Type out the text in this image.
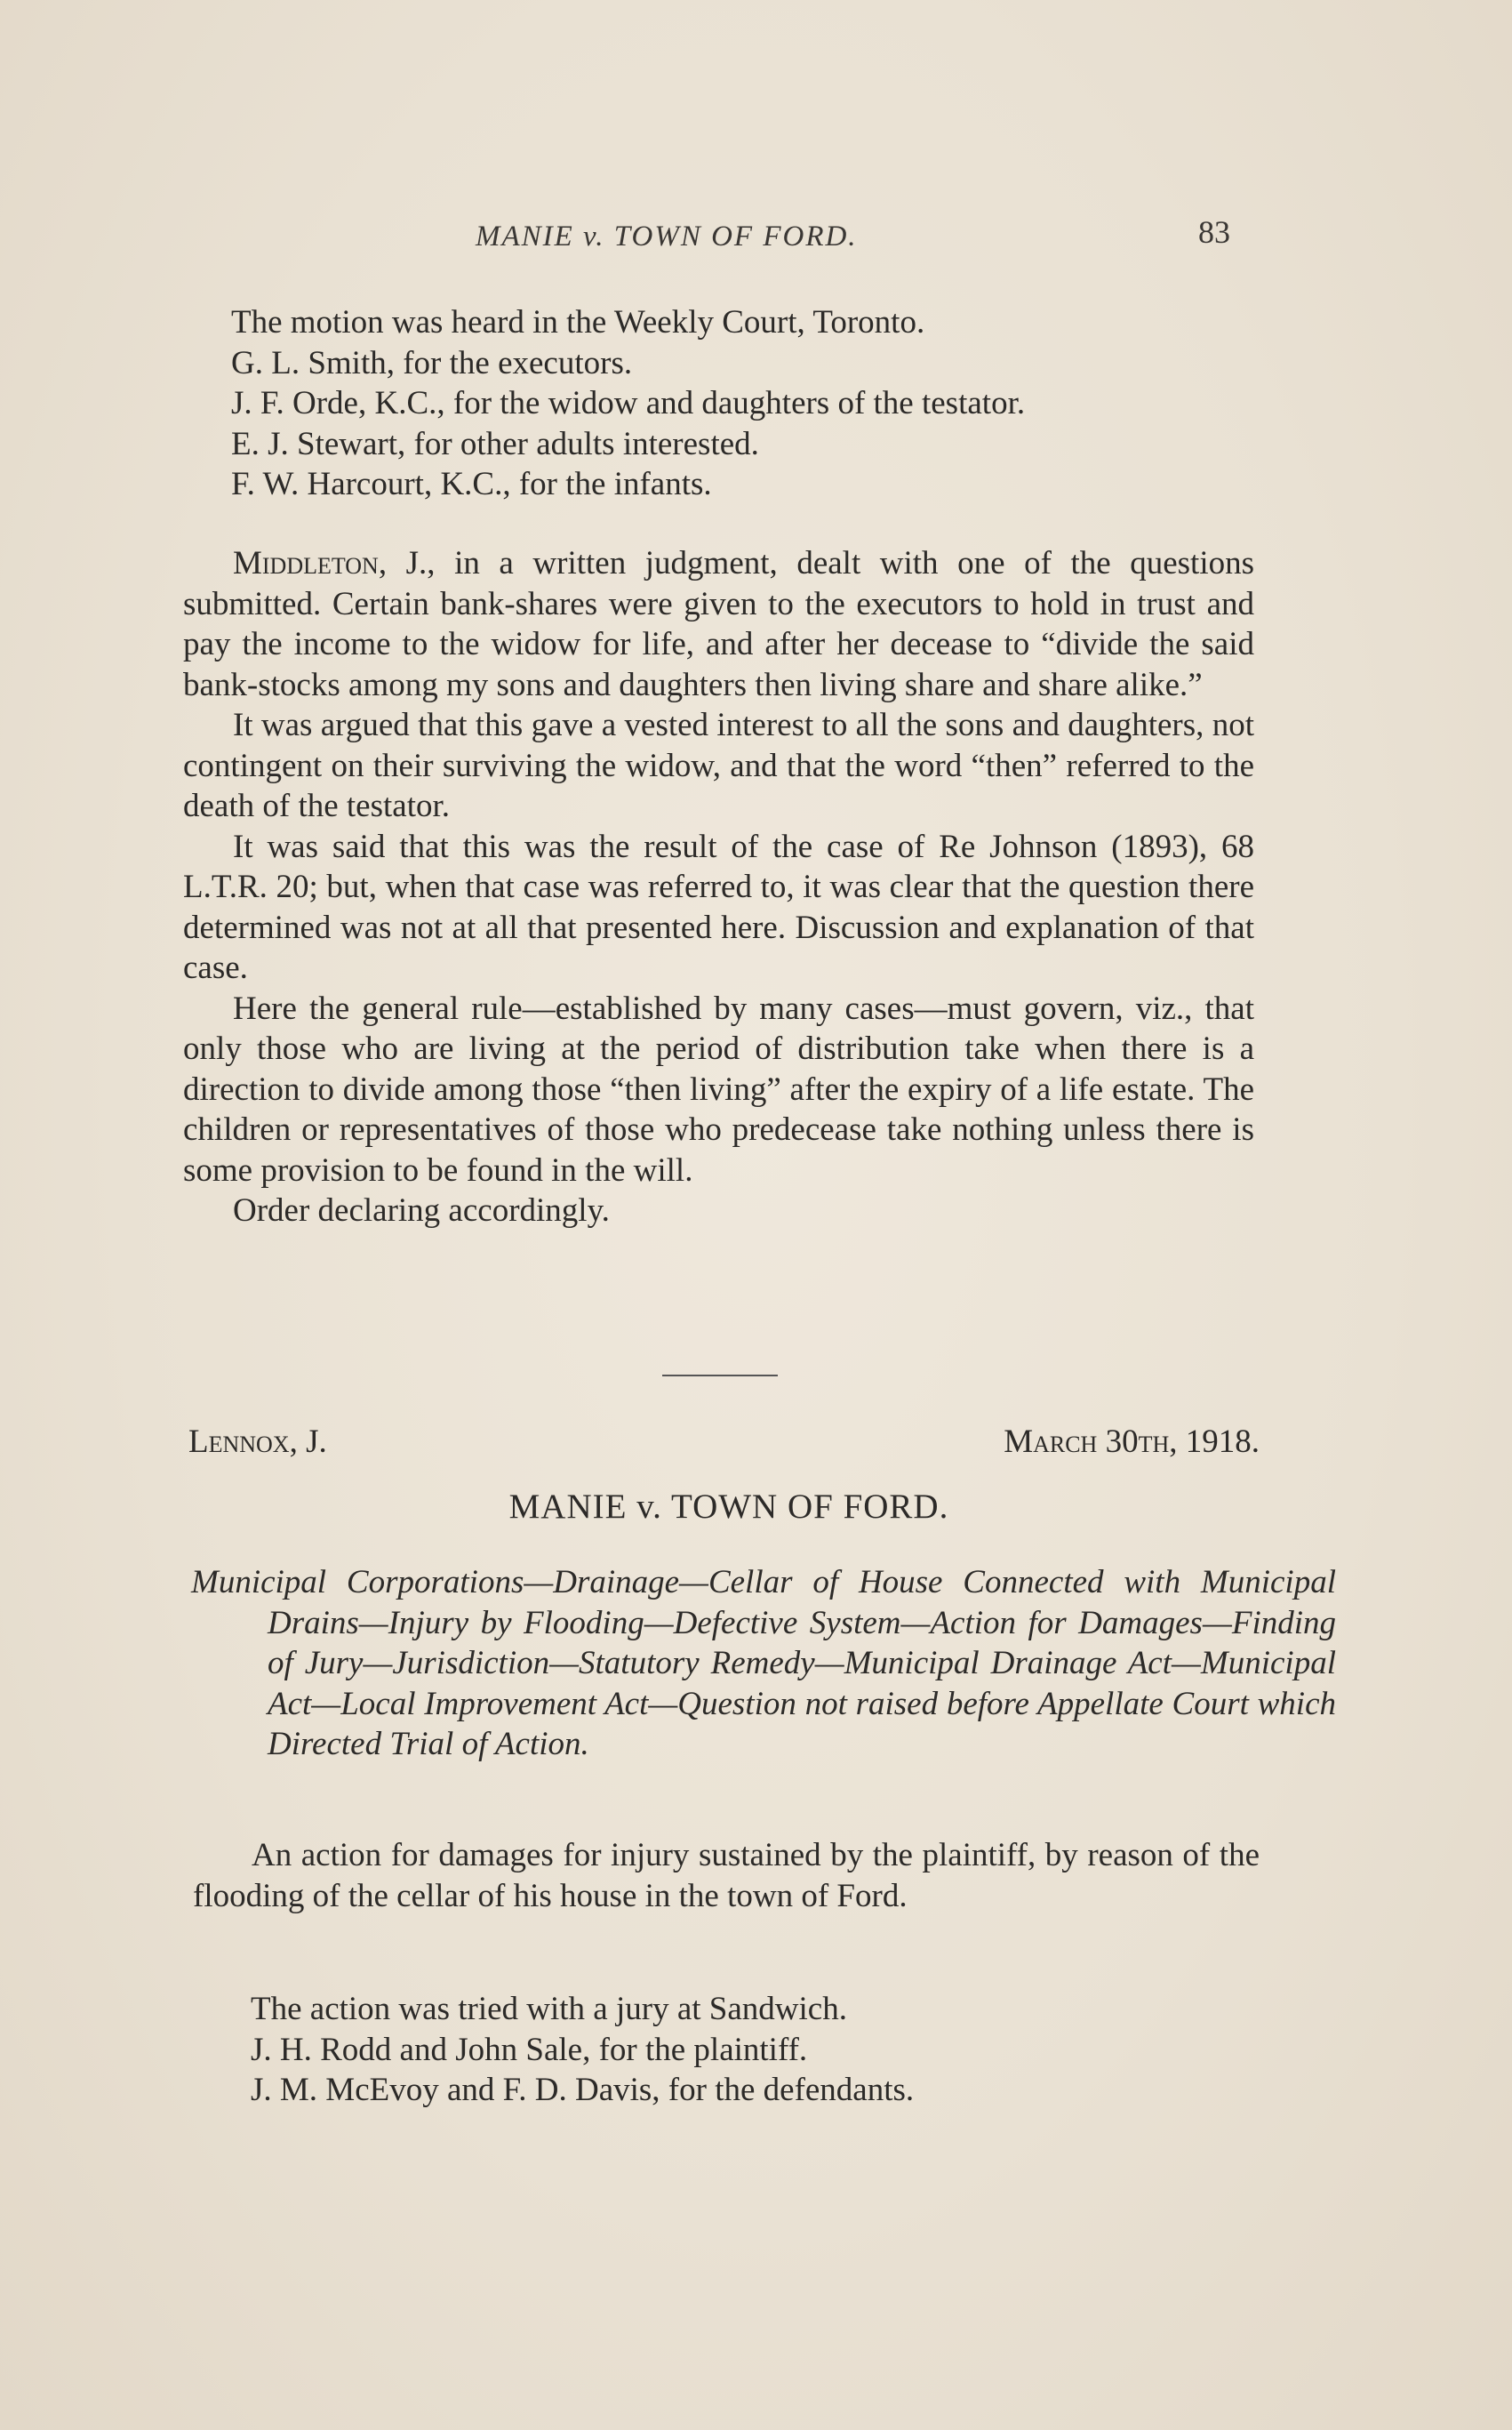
MANIE v. TOWN OF FORD.	83

The motion was heard in the Weekly Court, Toronto.

G. L. Smith, for the executors.

J. F. Orde, K.C., for the widow and daughters of the testator.

E. J. Stewart, for other adults interested.

F. W. Harcourt, K.C., for the infants.

Middleton, J., in a written judgment, dealt with one of the questions submitted. Certain bank-shares were given to the executors to hold in trust and pay the income to the widow for life, and after her decease to “divide the said bank-stocks among my sons and daughters then living share and share alike.”

It was argued that this gave a vested interest to all the sons and daughters, not contingent on their surviving the widow, and that the word “then” referred to the death of the testator.

It was said that this was the result of the case of Re Johnson (1893), 68 L.T.R. 20; but, when that case was referred to, it was clear that the question there determined was not at all that presented here. Discussion and explanation of that case.

Here the general rule—established by many cases—must govern, viz., that only those who are living at the period of distribution take when there is a direction to divide among those “then living” after the expiry of a life estate. The children or representatives of those who predecease take nothing unless there is some provision to be found in the will.

Order declaring accordingly.

Lennox, J.	March 30th, 1918.
MANIE v. TOWN OF FORD.
Municipal Corporations—Drainage—Cellar of House Connected with Municipal Drains—Injury by Flooding—Defective System—Action for Damages—Finding of Jury—Jurisdiction—Statutory Remedy—Municipal Drainage Act—Municipal Act—Local Improvement Act—Question not raised before Appellate Court which Directed Trial of Action.

An action for damages for injury sustained by the plaintiff, by reason of the flooding of the cellar of his house in the town of Ford.

The action was tried with a jury at Sandwich.

J. H. Rodd and John Sale, for the plaintiff.

J. M. McEvoy and F. D. Davis, for the defendants.
